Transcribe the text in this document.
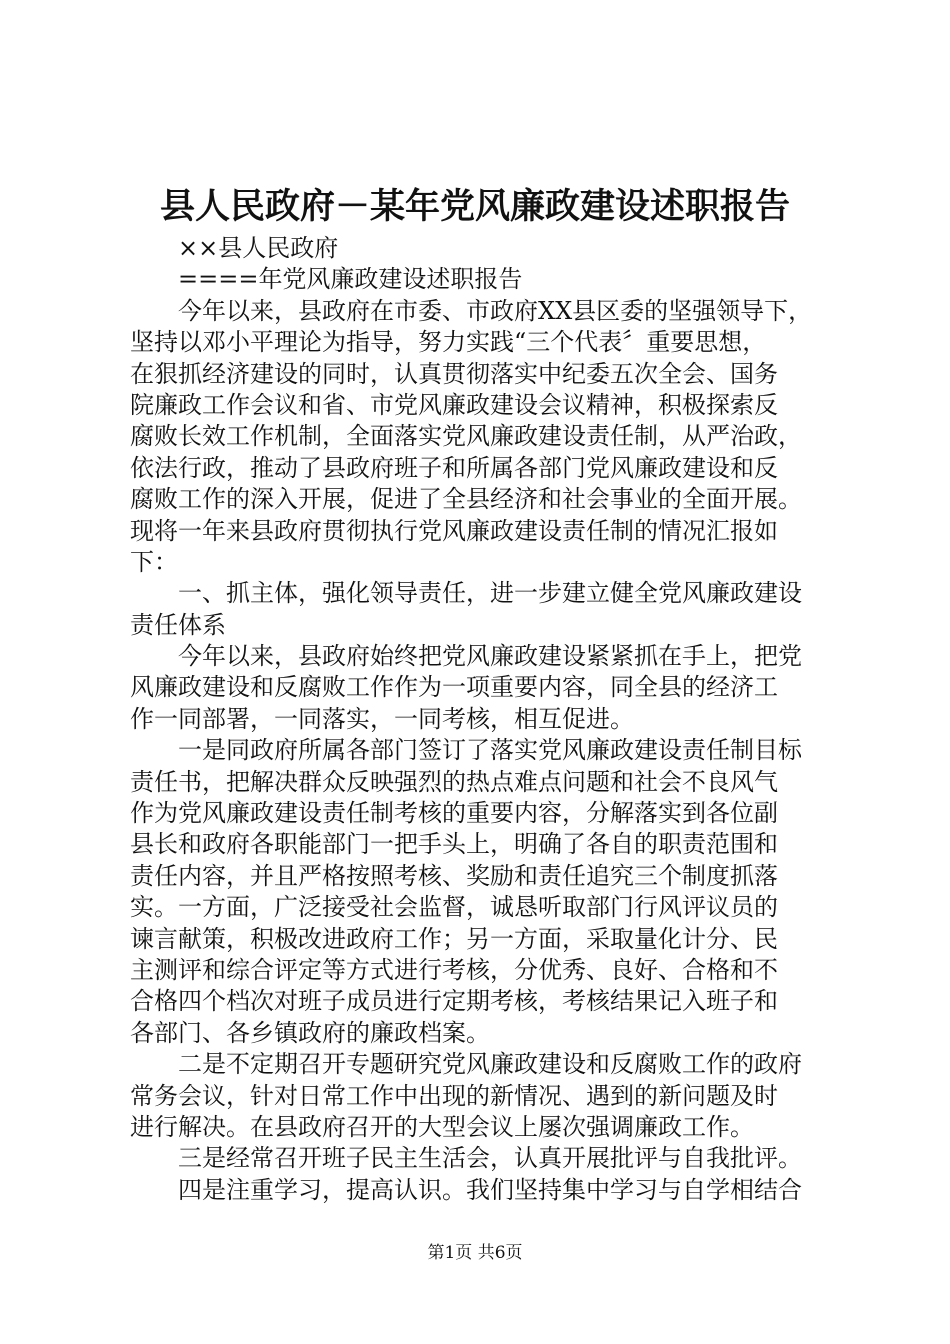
县人民政府－某年党风廉政建设述职报告
××县人民政府
====年党风廉政建设述职报告
今年以来，县政府在市委、市政府XX县区委的坚强领导下，
坚持以邓小平理论为指导，努力实践“三个代表〞重要思想，
在狠抓经济建设的同时，认真贯彻落实中纪委五次全会、国务
院廉政工作会议和省、市党风廉政建设会议精神，积极探索反
腐败长效工作机制，全面落实党风廉政建设责任制，从严治政，
依法行政，推动了县政府班子和所属各部门党风廉政建设和反
腐败工作的深入开展，促进了全县经济和社会事业的全面开展。
现将一年来县政府贯彻执行党风廉政建设责任制的情况汇报如
下：
一、抓主体，强化领导责任，进一步建立健全党风廉政建设
责任体系
今年以来，县政府始终把党风廉政建设紧紧抓在手上，把党
风廉政建设和反腐败工作作为一项重要内容，同全县的经济工
作一同部署，一同落实，一同考核，相互促进。
一是同政府所属各部门签订了落实党风廉政建设责任制目标
责任书，把解决群众反映强烈的热点难点问题和社会不良风气
作为党风廉政建设责任制考核的重要内容，分解落实到各位副
县长和政府各职能部门一把手头上，明确了各自的职责范围和
责任内容，并且严格按照考核、奖励和责任追究三个制度抓落
实。一方面，广泛接受社会监督，诚恳听取部门行风评议员的
谏言献策，积极改进政府工作；另一方面，采取量化计分、民
主测评和综合评定等方式进行考核，分优秀、良好、合格和不
合格四个档次对班子成员进行定期考核，考核结果记入班子和
各部门、各乡镇政府的廉政档案。
二是不定期召开专题研究党风廉政建设和反腐败工作的政府
常务会议，针对日常工作中出现的新情况、遇到的新问题及时
进行解决。在县政府召开的大型会议上屡次强调廉政工作。
三是经常召开班子民主生活会，认真开展批评与自我批评。
四是注重学习，提高认识。我们坚持集中学习与自学相结合
第1页 共6页
